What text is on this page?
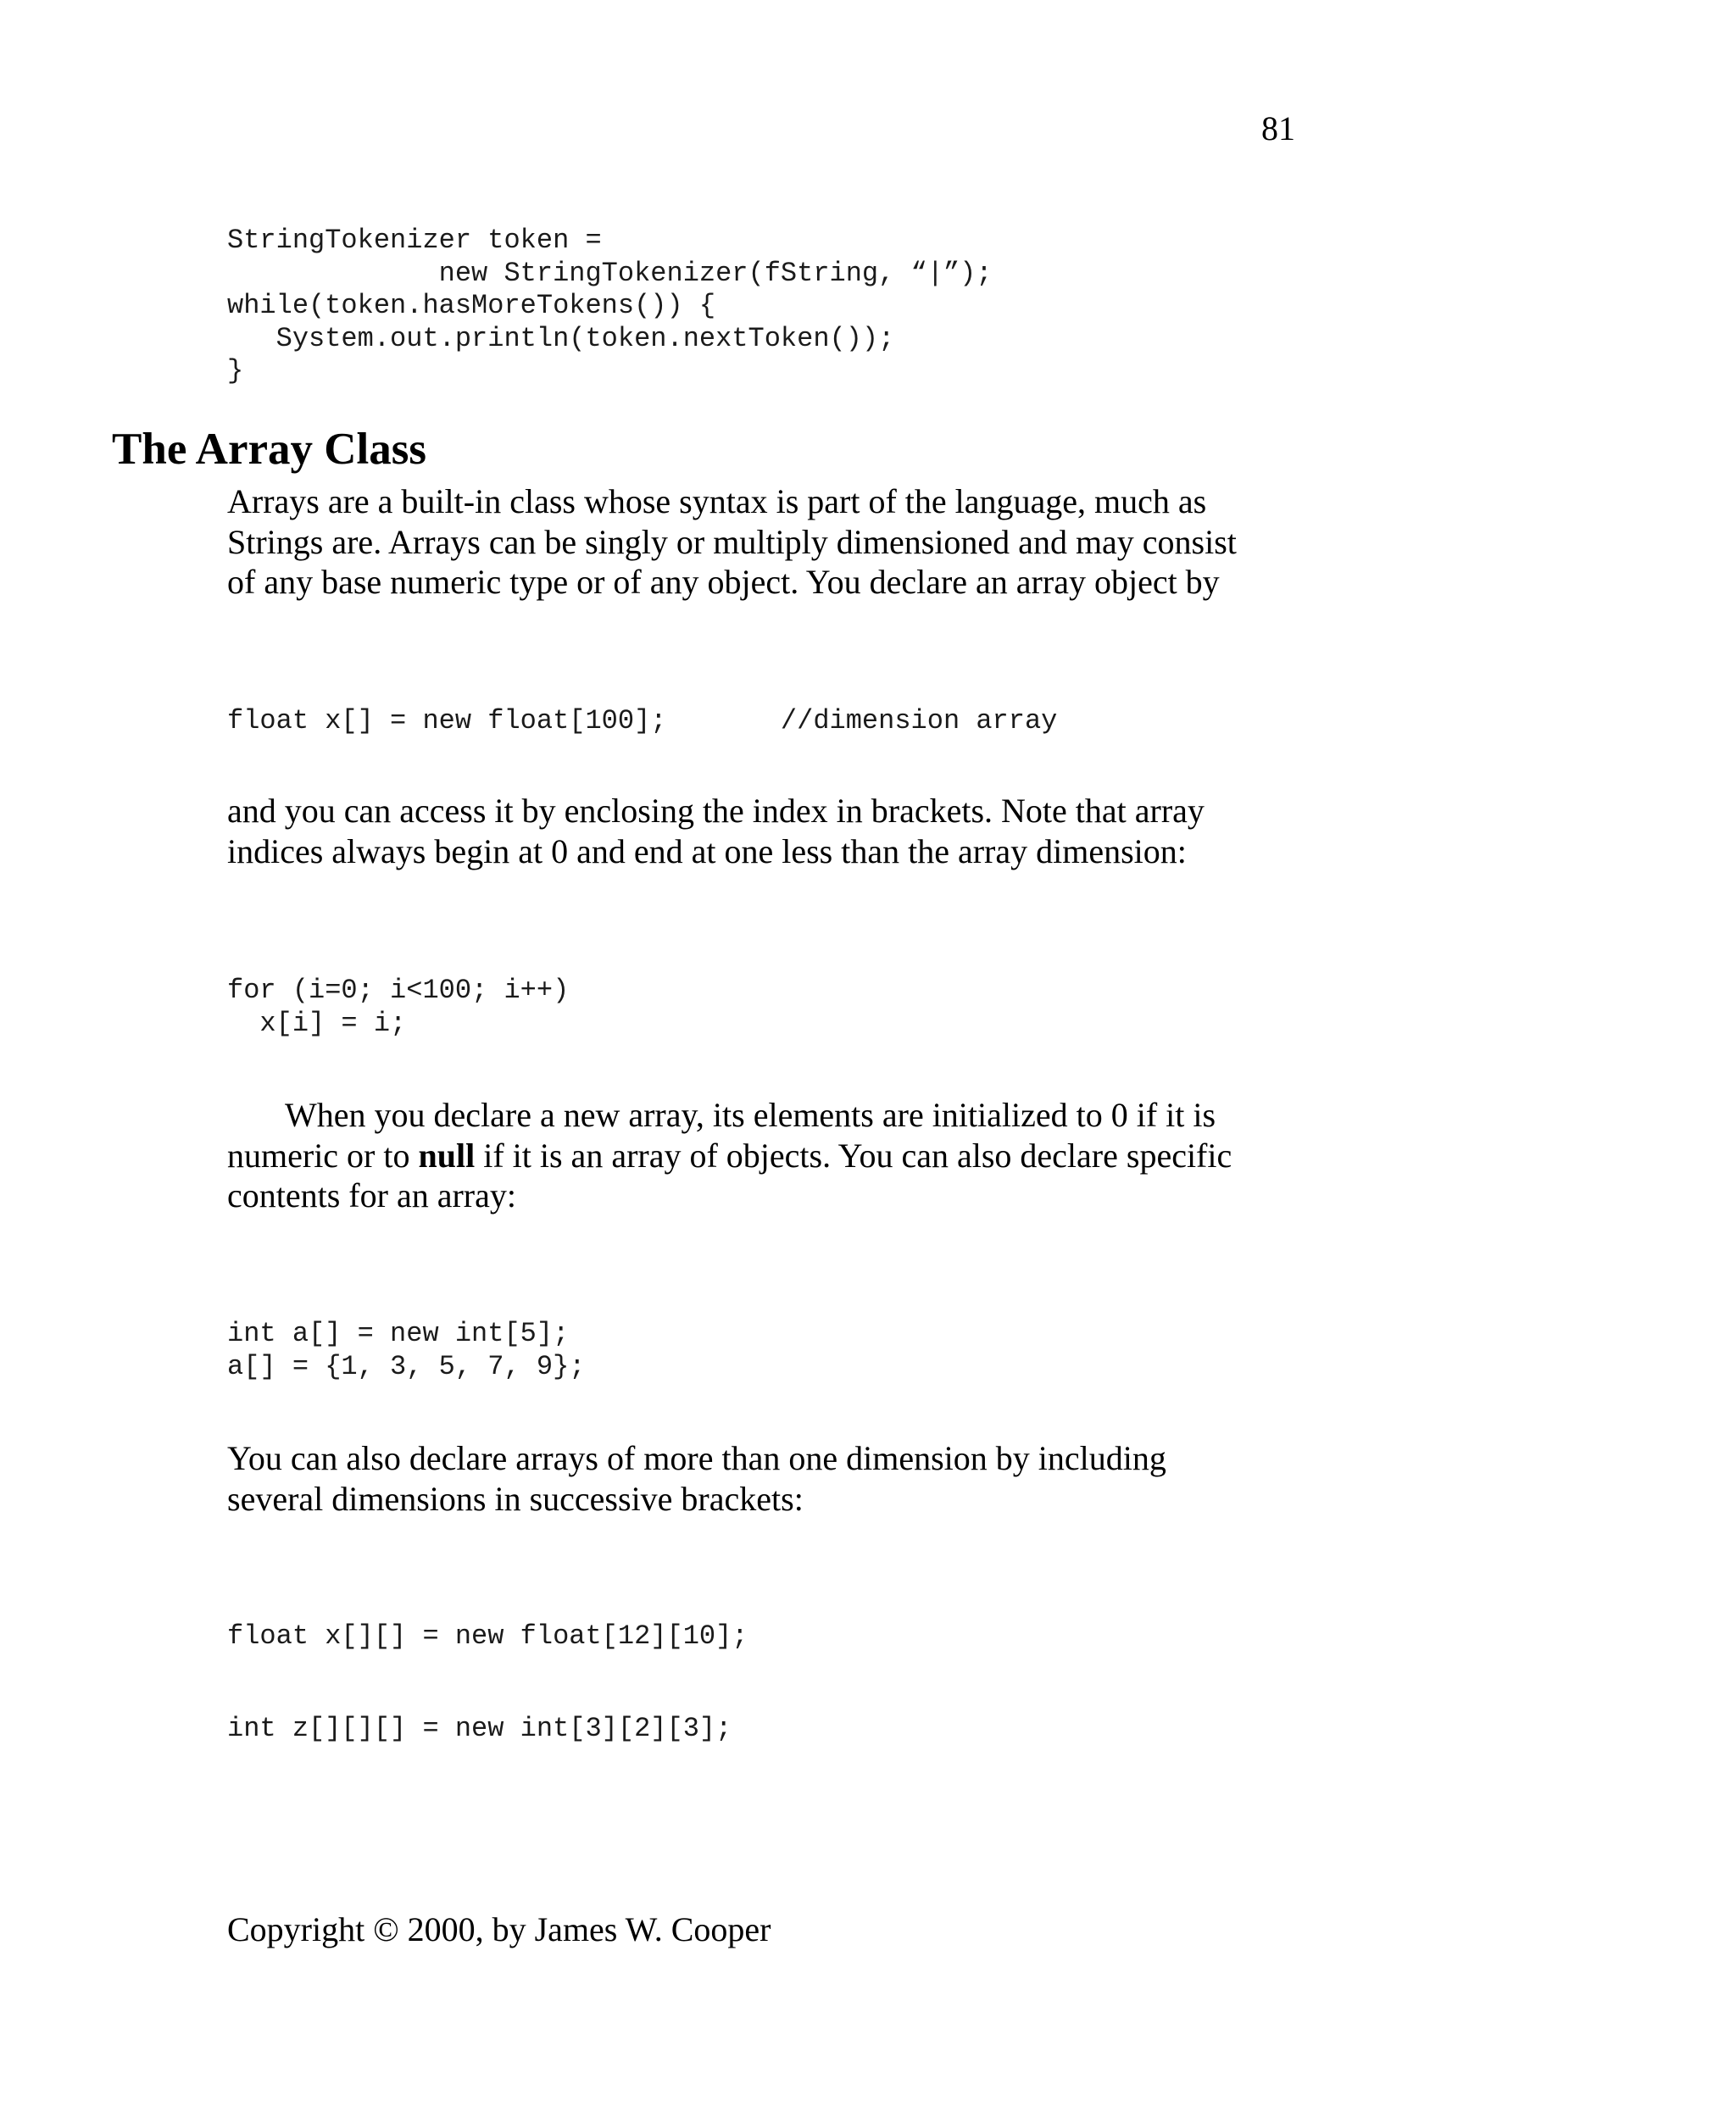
81

StringTokenizer token =
new StringTokenizer(fString, “|”);
while(token.hasMoreTokens()) {
System.out.println(token.nextToken());
}
The Array Class
Arrays are a built-in class whose syntax is part of the language, much as
Strings are. Arrays can be singly or multiply dimensioned and may consist
of any base numeric type or of any object. You declare an array object by
float x[] = new float[100];       //dimension array
and you can access it by enclosing the index in brackets. Note that array
indices always begin at 0 and end at one less than the array dimension:
for (i=0; i<100; i++)
x[i] = i;
When you declare a new array, its elements are initialized to 0 if it is
numeric or to null if it is an array of objects. You can also declare specific
contents for an array:
int a[] = new int[5];
a[] = {1, 3, 5, 7, 9};
You can also declare arrays of more than one dimension by including
several dimensions in successive brackets:
float x[][] = new float[12][10];
int z[][][] = new int[3][2][3];

Copyright © 2000, by James W. Cooper
